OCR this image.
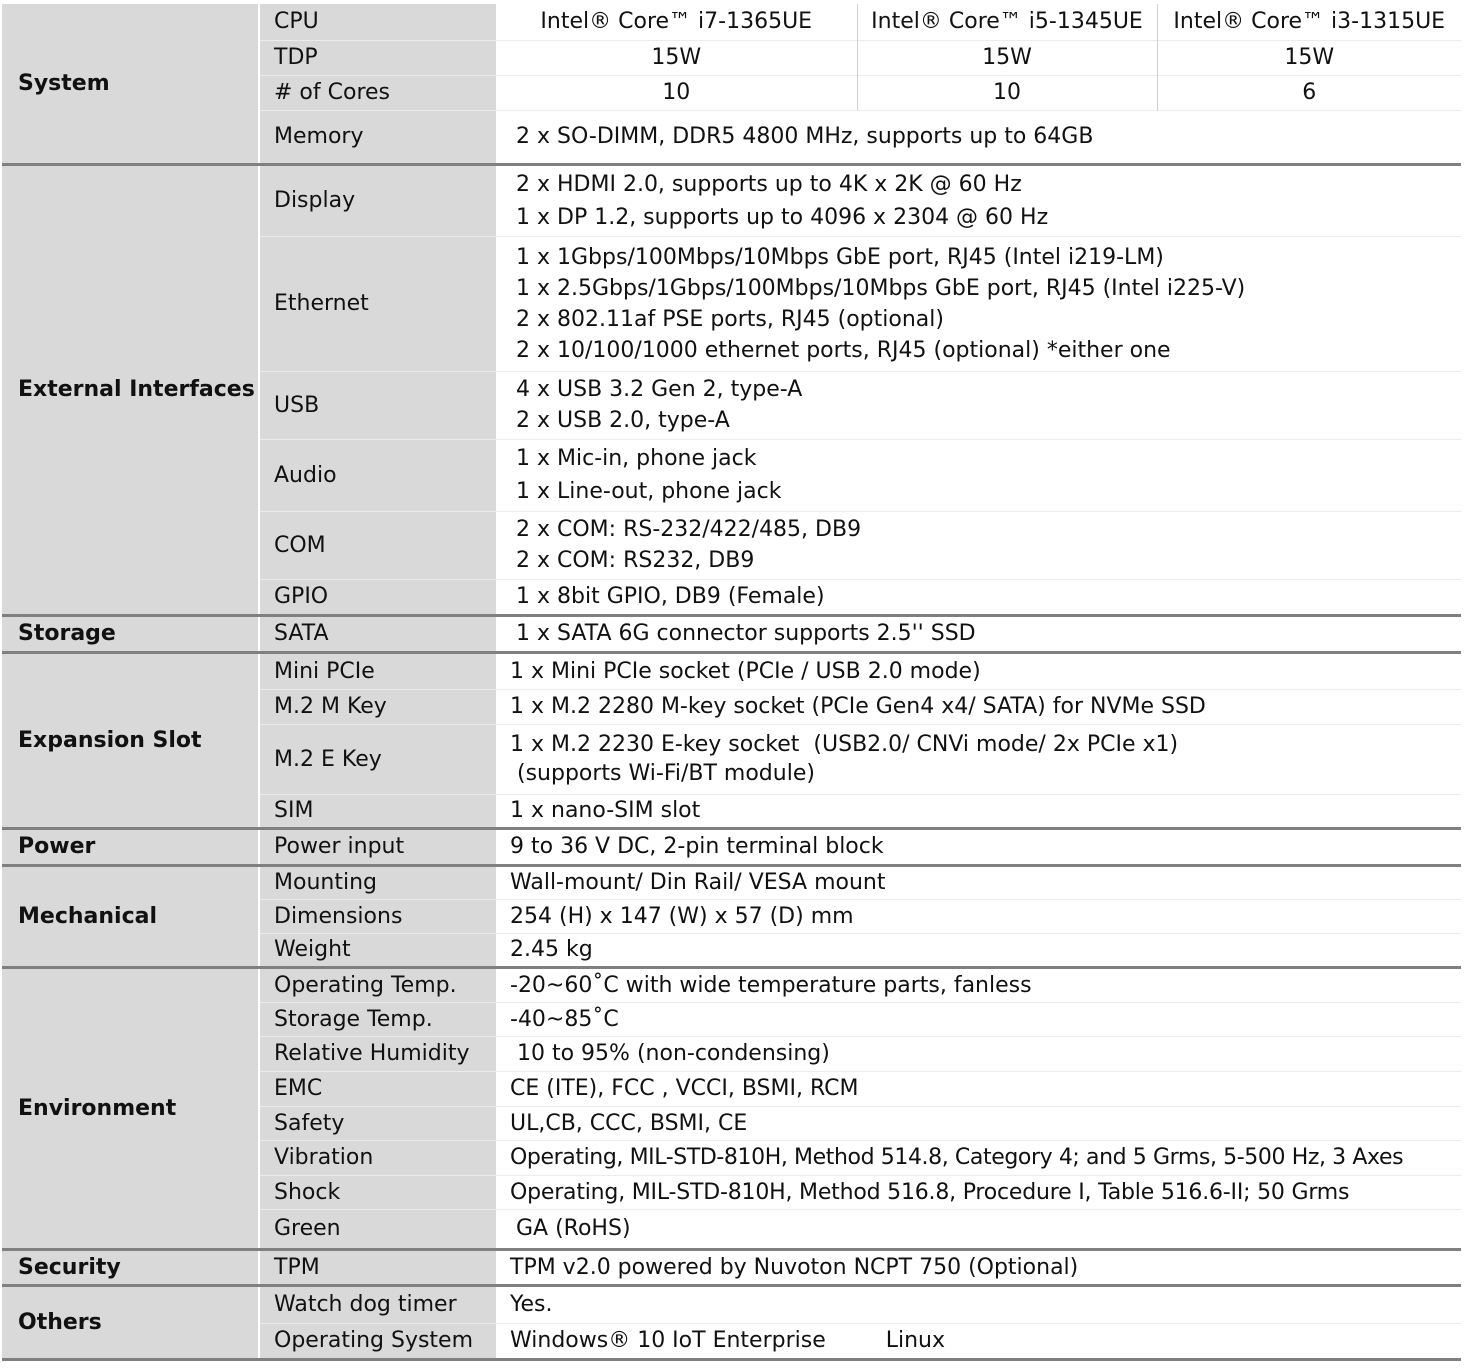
System	CPU	Intel® Core™ i7-1365UE	Intel® Core™ i5-1345UE	Intel® Core™ i3-1315UE
	TDP	15W	15W	15W
	# of Cores	10	10	6
	Memory	2 x SO-DIMM, DDR5 4800 MHz, supports up to 64GB		
External Interfaces	Display	2 x HDMI 2.0, supports up to 4K x 2K @ 60 Hz
1 x DP 1.2, supports up to 4096 x 2304 @ 60 Hz		

	Ethernet	1 x 1Gbps/100Mbps/10Mbps GbE port, RJ45 (Intel i219-LM)
1 x 2.5Gbps/1Gbps/100Mbps/10Mbps GbE port, RJ45 (Intel i225-V)
2 x 802.11af PSE ports, RJ45 (optional)
2 x 10/100/1000 ethernet ports, RJ45 (optional) *either one		

	USB	4 x USB 3.2 Gen 2, type-A
2 x USB 2.0, type-A		

	Audio	1 x Mic-in, phone jack
1 x Line-out, phone jack		

	COM	2 x COM: RS-232/422/485, DB9
2 x COM: RS232, DB9		

	GPIO	1 x 8bit GPIO, DB9 (Female)		
Storage	SATA	1 x SATA 6G connector supports 2.5'' SSD		
Expansion Slot	Mini PCIe	1 x Mini PCIe socket (PCIe / USB 2.0 mode)		
	M.2 M Key	1 x M.2 2280 M-key socket (PCIe Gen4 x4/ SATA) for NVMe SSD		
	M.2 E Key	1 x M.2 2230 E-key socket  (USB2.0/ CNVi mode/ 2x PCIe x1)
(supports Wi-Fi/BT module)		

	SIM	1 x nano-SIM slot		
Power	Power input	9 to 36 V DC, 2-pin terminal block		
Mechanical	Mounting	Wall-mount/ Din Rail/ VESA mount		
	Dimensions	254 (H) x 147 (W) x 57 (D) mm		
	Weight	2.45 kg		
Environment	Operating Temp.	-20~60˚C with wide temperature parts, fanless		
	Storage Temp.	-40~85˚C		
	Relative Humidity	10 to 95% (non-condensing)		
	EMC	CE (ITE), FCC , VCCI, BSMI, RCM		
	Safety	UL,CB, CCC, BSMI, CE		
	Vibration	Operating, MIL-STD-810H, Method 514.8, Category 4; and 5 Grms, 5-500 Hz, 3 Axes		
	Shock	Operating, MIL-STD-810H, Method 516.8, Procedure I, Table 516.6-II; 50 Grms		
	Green	GA (RoHS)		
Security	TPM	TPM v2.0 powered by Nuvoton NCPT 750 (Optional)		
Others	Watch dog timer	Yes.		
	Operating System	Windows® 10 IoT Enterprise Linux		
